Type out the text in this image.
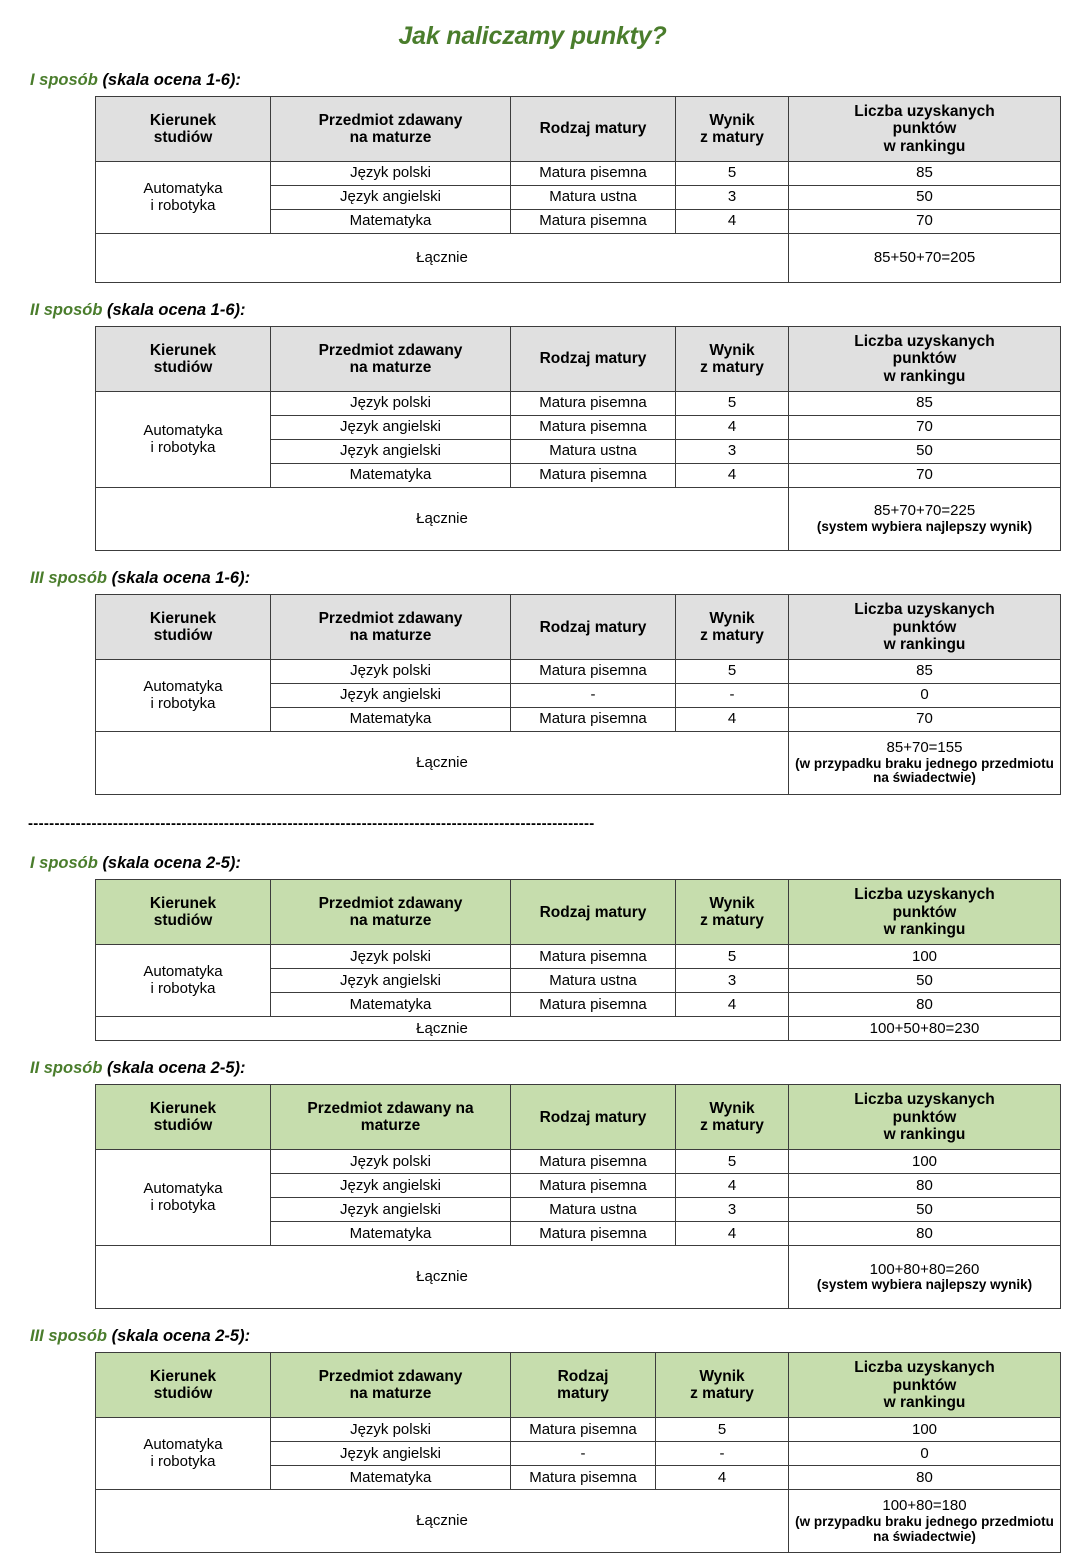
Jak naliczamy punkty?
I sposób (skala ocena 1-6):
Kierunek
studiów	Przedmiot zdawany
na maturze	Rodzaj matury	Wynik
z matury	Liczba uzyskanych
punktów
w rankingu
Automatyka
i robotyka	Język polski	Matura pisemna	5	85
	Język angielski	Matura ustna	3	50
	Matematyka	Matura pisemna	4	70
Łącznie				85+50+70=205
II sposób (skala ocena 1-6):
Kierunek
studiów	Przedmiot zdawany
na maturze	Rodzaj matury	Wynik
z matury	Liczba uzyskanych
punktów
w rankingu
Automatyka
i robotyka	Język polski	Matura pisemna	5	85
	Język angielski	Matura pisemna	4	70
	Język angielski	Matura ustna	3	50
	Matematyka	Matura pisemna	4	70
Łącznie				85+70+70=225
(system wybiera najlepszy wynik)
III sposób (skala ocena 1-6):
Kierunek
studiów	Przedmiot zdawany
na maturze	Rodzaj matury	Wynik
z matury	Liczba uzyskanych
punktów
w rankingu
Automatyka
i robotyka	Język polski	Matura pisemna	5	85
	Język angielski	-	-	0
	Matematyka	Matura pisemna	4	70
Łącznie				85+70=155
(w przypadku braku jednego przedmiotu na świadectwie)
-----------------------------------------------------------------------------------------------------------
I sposób (skala ocena 2-5):
Kierunek
studiów	Przedmiot zdawany
na maturze	Rodzaj matury	Wynik
z matury	Liczba uzyskanych
punktów
w rankingu
Automatyka
i robotyka	Język polski	Matura pisemna	5	100
	Język angielski	Matura ustna	3	50
	Matematyka	Matura pisemna	4	80
Łącznie				100+50+80=230
II sposób (skala ocena 2-5):
Kierunek
studiów	Przedmiot zdawany na
maturze	Rodzaj matury	Wynik
z matury	Liczba uzyskanych
punktów
w rankingu
Automatyka
i robotyka	Język polski	Matura pisemna	5	100
	Język angielski	Matura pisemna	4	80
	Język angielski	Matura ustna	3	50
	Matematyka	Matura pisemna	4	80
Łącznie				100+80+80=260
(system wybiera najlepszy wynik)
III sposób (skala ocena 2-5):
Kierunek
studiów	Przedmiot zdawany
na maturze	Rodzaj
matury	Wynik
z matury	Liczba uzyskanych
punktów
w rankingu
Automatyka
i robotyka	Język polski	Matura pisemna	5	100
	Język angielski	-	-	0
	Matematyka	Matura pisemna	4	80
Łącznie				100+80=180
(w przypadku braku jednego przedmiotu na świadectwie)
